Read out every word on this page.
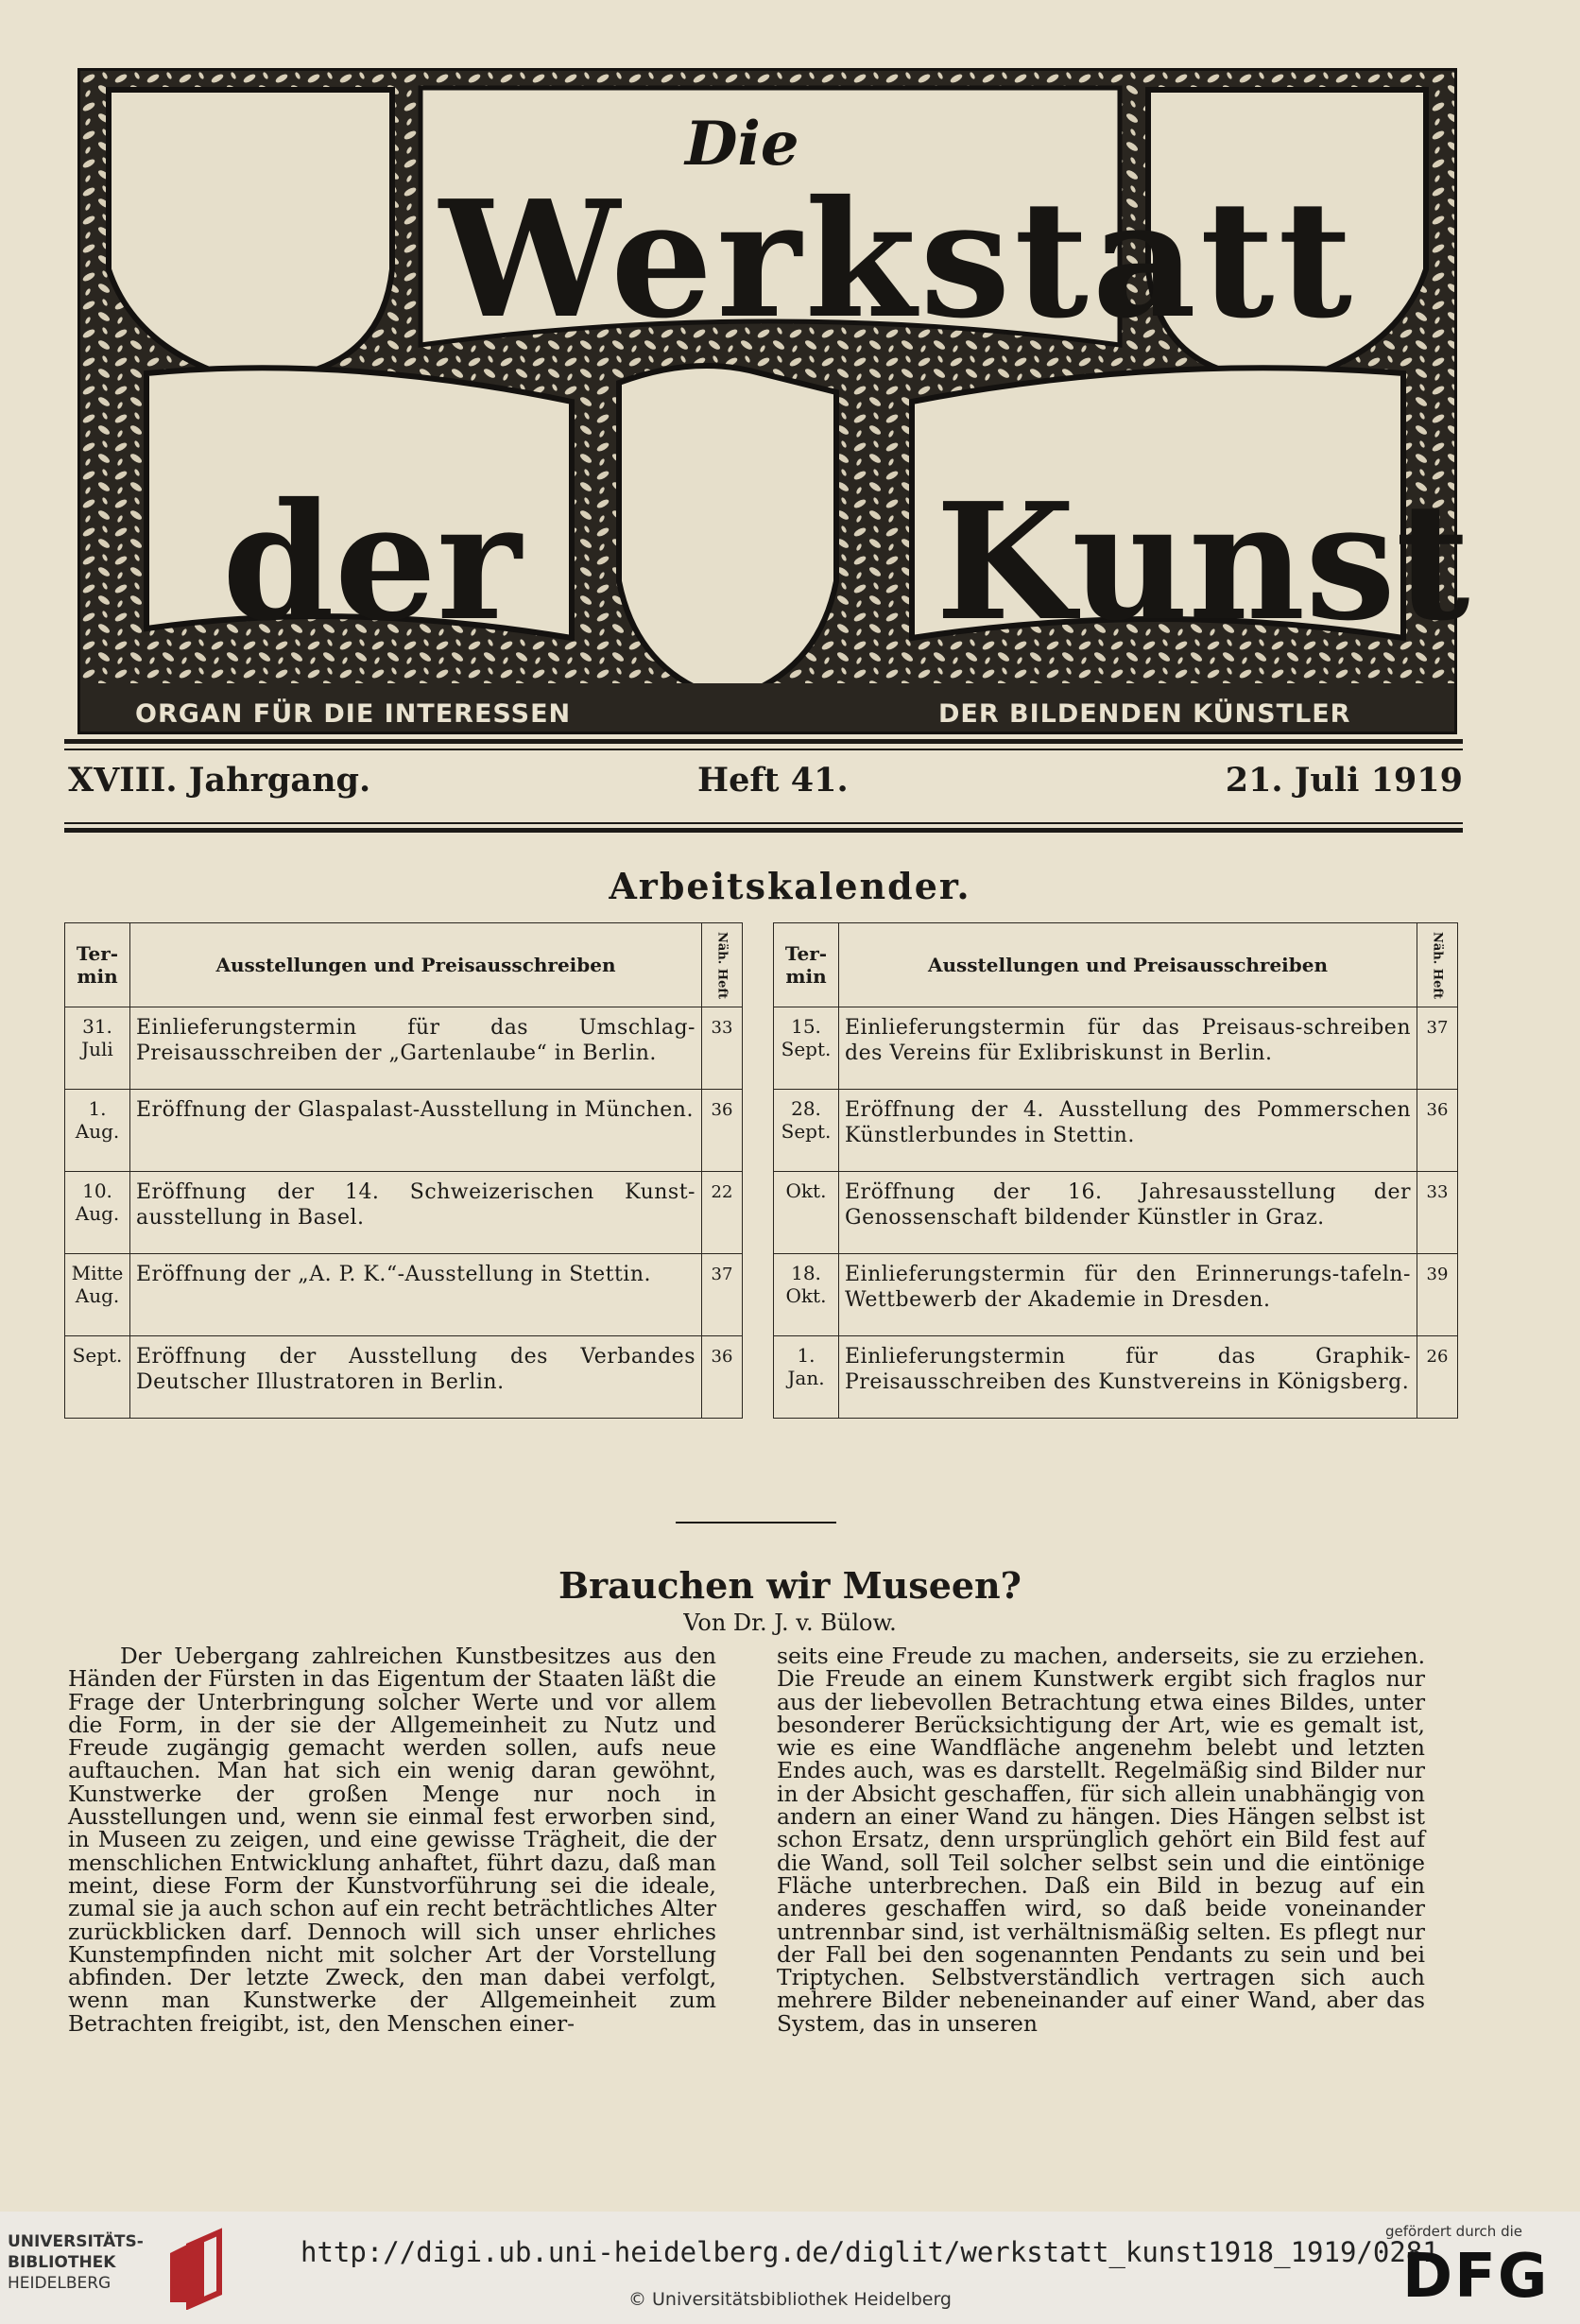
Die
Werkstatt
der	Kunst
ORGAN FÜR DIE INTERESSEN	DER BILDENDEN KÜNSTLER
XVIII. Jahrgang.	Heft 41.	21. Juli 1919
Arbeitskalender.
Ter-
min	Ausstellungen und Preisausschreiben	Näh. Heft
31.
Juli	Einlieferungstermin für das Umschlag-Preisausschreiben der „Gartenlaube“ in Berlin.	33
1.
Aug.	Eröffnung der Glaspalast-Ausstellung in München.	36
10.
Aug.	Eröffnung der 14. Schweizerischen Kunst-ausstellung in Basel.	22
Mitte
Aug.	Eröffnung der „A. P. K.“-Ausstellung in Stettin.	37
Sept.	Eröffnung der Ausstellung des Verbandes Deutscher Illustratoren in Berlin.	36
Ter-
min	Ausstellungen und Preisausschreiben	Näh. Heft
15.
Sept.	Einlieferungstermin für das Preisaus-schreiben des Vereins für Exlibriskunst in Berlin.	37
28.
Sept.	Eröffnung der 4. Ausstellung des Pommerschen Künstlerbundes in Stettin.	36
Okt.	Eröffnung der 16. Jahresausstellung der Genossenschaft bildender Künstler in Graz.	33
18.
Okt.	Einlieferungstermin für den Erinnerungs-tafeln-Wettbewerb der Akademie in Dresden.	39
1.
Jan.	Einlieferungstermin für das Graphik-Preisausschreiben des Kunstvereins in Königsberg.	26
Brauchen wir Museen?
Von Dr. J. v. Bülow.
Der Uebergang zahlreichen Kunstbesitzes aus den Händen der Fürsten in das Eigentum der Staaten läßt die Frage der Unterbringung solcher Werte und vor allem die Form, in der sie der Allgemeinheit zu Nutz und Freude zugängig gemacht werden sollen, aufs neue auftauchen. Man hat sich ein wenig daran gewöhnt, Kunstwerke der großen Menge nur noch in Ausstellungen und, wenn sie einmal fest erworben sind, in Museen zu zeigen, und eine gewisse Trägheit, die der menschlichen Entwicklung anhaftet, führt dazu, daß man meint, diese Form der Kunstvorführung sei die ideale, zumal sie ja auch schon auf ein recht beträchtliches Alter zurückblicken darf. Dennoch will sich unser ehrliches Kunstempfinden nicht mit solcher Art der Vorstellung abfinden. Der letzte Zweck, den man dabei verfolgt, wenn man Kunstwerke der Allgemeinheit zum Betrachten freigibt, ist, den Menschen einer-
seits eine Freude zu machen, anderseits, sie zu erziehen. Die Freude an einem Kunstwerk ergibt sich fraglos nur aus der liebevollen Betrachtung etwa eines Bildes, unter besonderer Berücksichtigung der Art, wie es gemalt ist, wie es eine Wandfläche angenehm belebt und letzten Endes auch, was es darstellt. Regelmäßig sind Bilder nur in der Absicht geschaffen, für sich allein unabhängig von andern an einer Wand zu hängen. Dies Hängen selbst ist schon Ersatz, denn ursprünglich gehört ein Bild fest auf die Wand, soll Teil solcher selbst sein und die eintönige Fläche unterbrechen. Daß ein Bild in bezug auf ein anderes geschaffen wird, so daß beide voneinander untrennbar sind, ist verhältnismäßig selten. Es pflegt nur der Fall bei den sogenannten Pendants zu sein und bei Triptychen. Selbstverständlich vertragen sich auch mehrere Bilder nebeneinander auf einer Wand, aber das System, das in unseren
UNIVERSITÄTS-
BIBLIOTHEK
HEIDELBERG
http://digi.ub.uni-heidelberg.de/diglit/werkstatt_kunst1918_1919/0281
© Universitätsbibliothek Heidelberg
gefördert durch die
DFG
